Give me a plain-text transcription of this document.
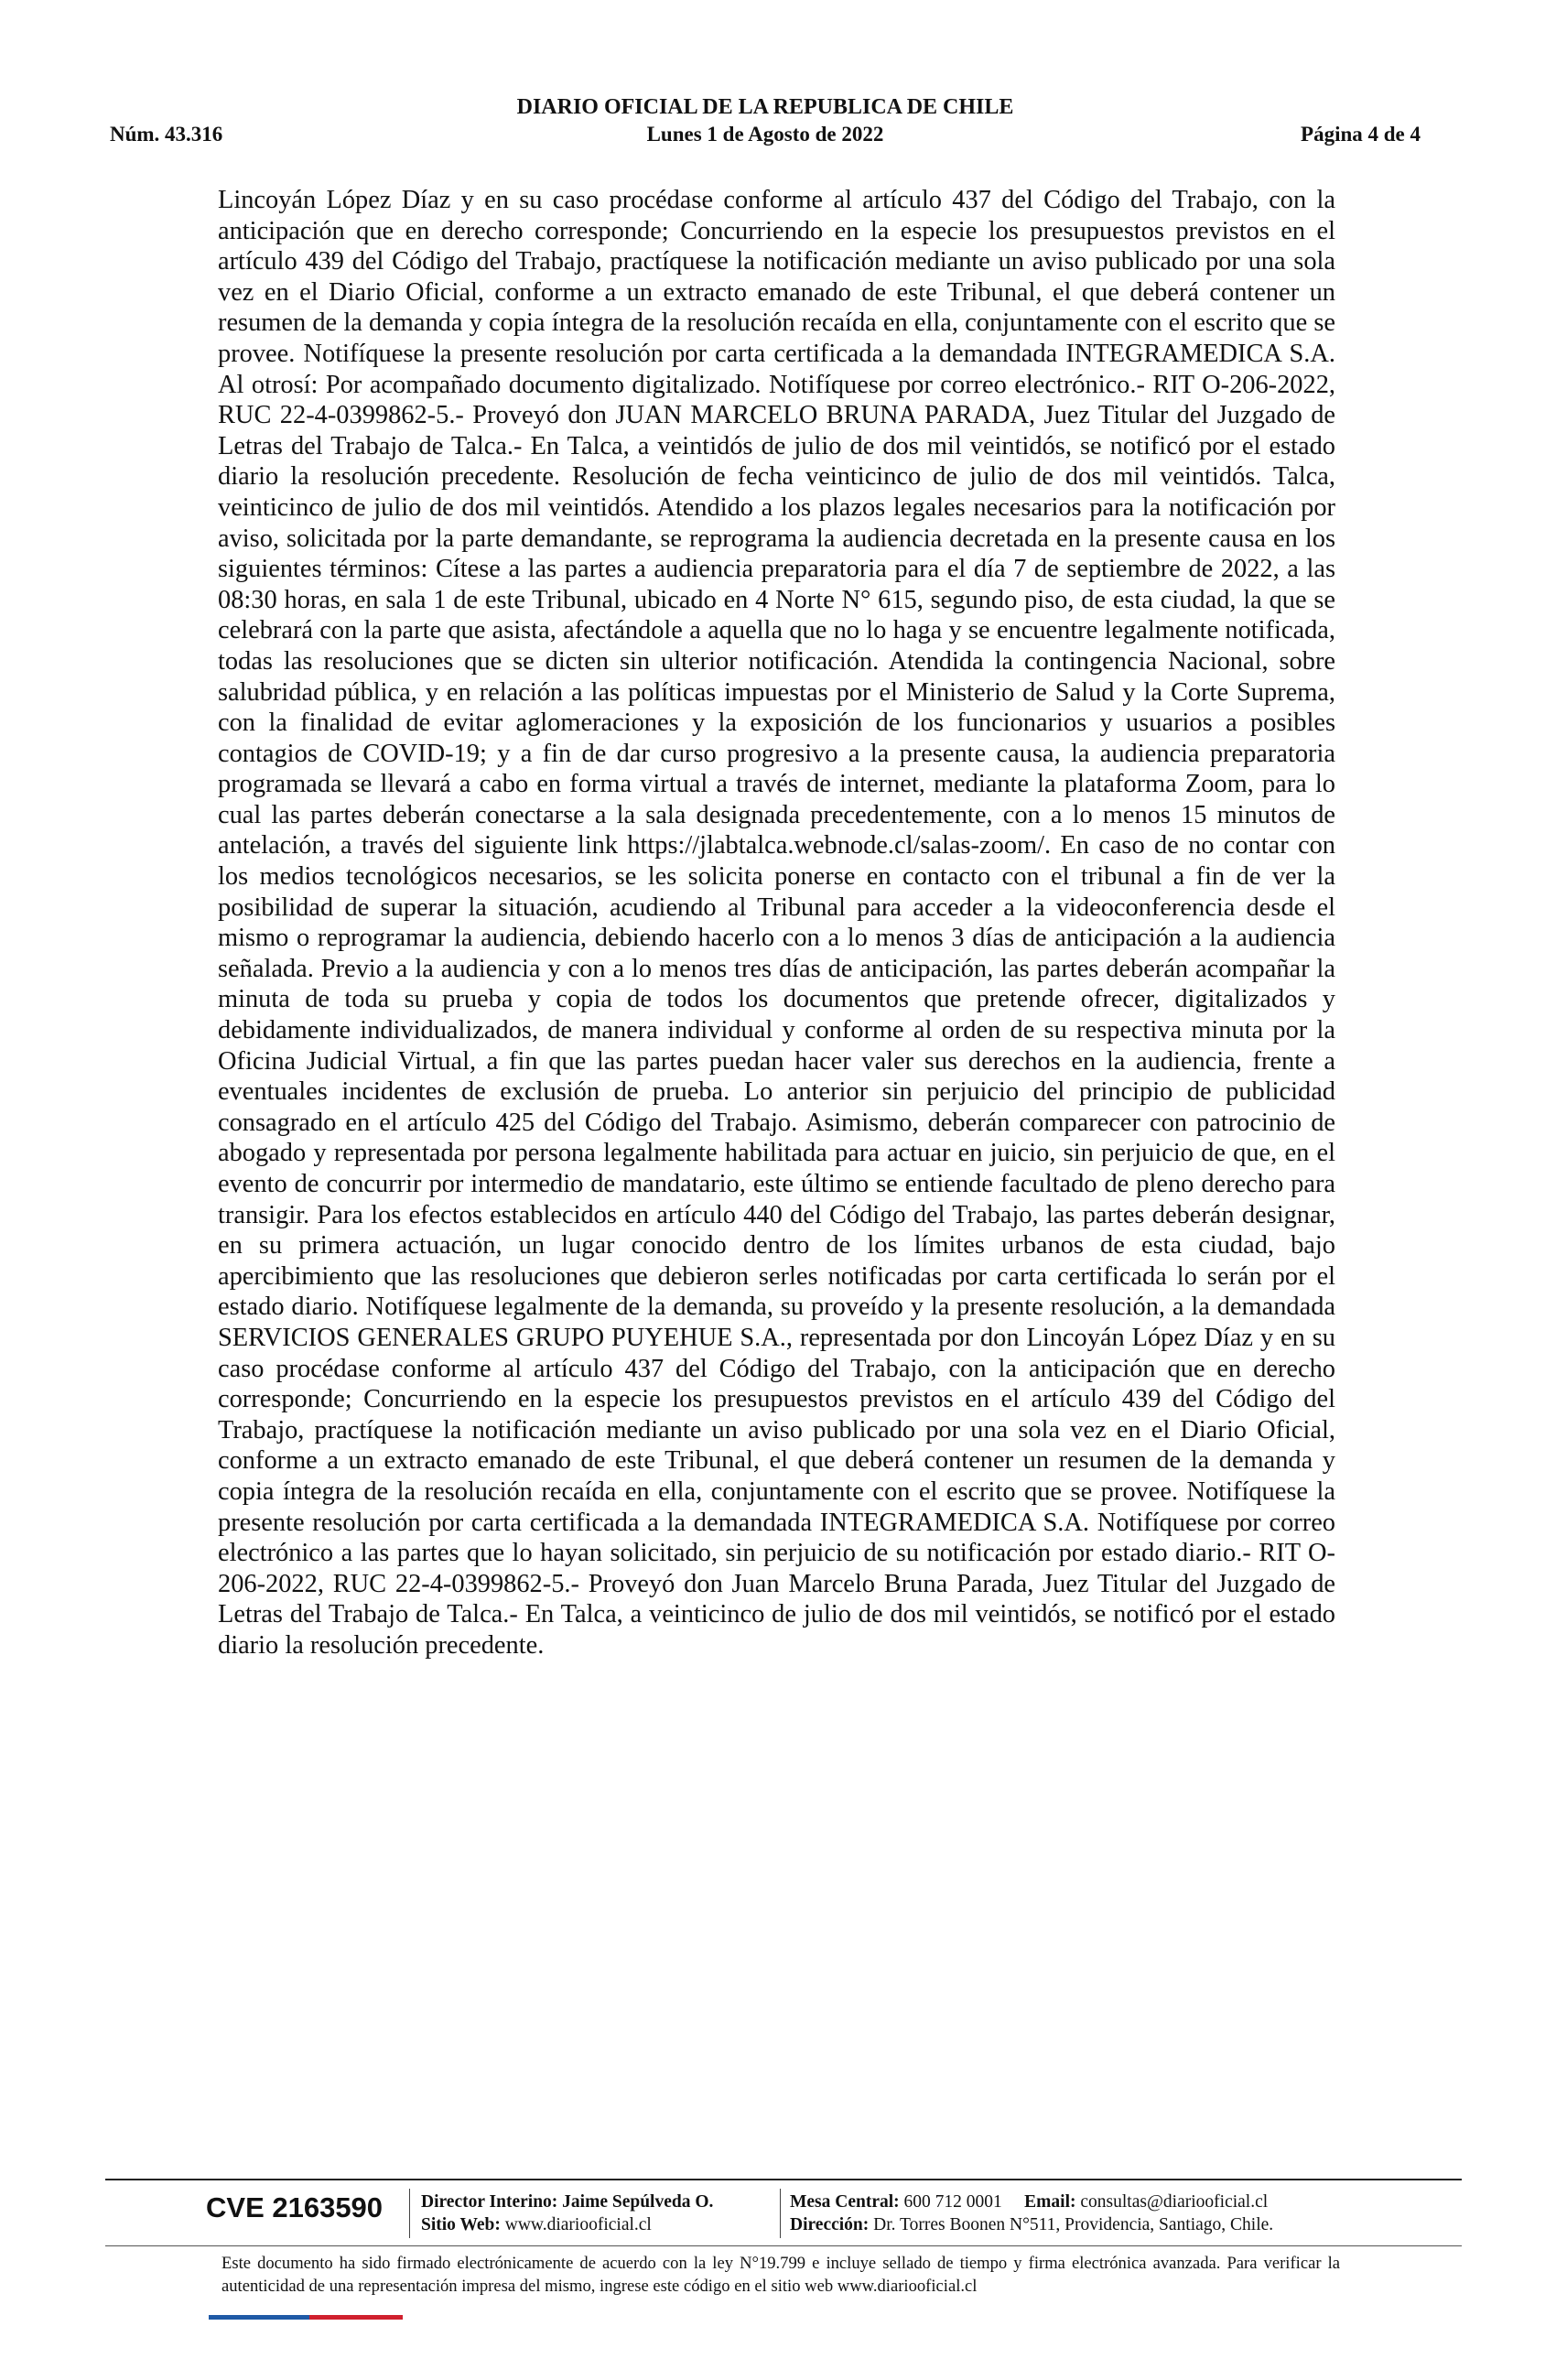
DIARIO OFICIAL DE LA REPUBLICA DE CHILE
Núm. 43.316	Lunes 1 de Agosto de 2022	Página 4 de 4

Lincoyán López Díaz y en su caso procédase conforme al artículo 437 del Código del Trabajo, con la anticipación que en derecho corresponde; Concurriendo en la especie los presupuestos previstos en el artículo 439 del Código del Trabajo, practíquese la notificación mediante un aviso publicado por una sola vez en el Diario Oficial, conforme a un extracto emanado de este Tribunal, el que deberá contener un resumen de la demanda y copia íntegra de la resolución recaída en ella, conjuntamente con el escrito que se provee. Notifíquese la presente resolución por carta certificada a la demandada INTEGRAMEDICA S.A. Al otrosí: Por acompañado documento digitalizado. Notifíquese por correo electrónico.- RIT O-206-2022, RUC 22-4-0399862-5.- Proveyó don JUAN MARCELO BRUNA PARADA, Juez Titular del Juzgado de Letras del Trabajo de Talca.- En Talca, a veintidós de julio de dos mil veintidós, se notificó por el estado diario la resolución precedente. Resolución de fecha veinticinco de julio de dos mil veintidós. Talca, veinticinco de julio de dos mil veintidós. Atendido a los plazos legales necesarios para la notificación por aviso, solicitada por la parte demandante, se reprograma la audiencia decretada en la presente causa en los siguientes términos: Cítese a las partes a audiencia preparatoria para el día 7 de septiembre de 2022, a las 08:30 horas, en sala 1 de este Tribunal, ubicado en 4 Norte N° 615, segundo piso, de esta ciudad, la que se celebrará con la parte que asista, afectándole a aquella que no lo haga y se encuentre legalmente notificada, todas las resoluciones que se dicten sin ulterior notificación. Atendida la contingencia Nacional, sobre salubridad pública, y en relación a las políticas impuestas por el Ministerio de Salud y la Corte Suprema, con la finalidad de evitar aglomeraciones y la exposición de los funcionarios y usuarios a posibles contagios de COVID-19; y a fin de dar curso progresivo a la presente causa, la audiencia preparatoria programada se llevará a cabo en forma virtual a través de internet, mediante la plataforma Zoom, para lo cual las partes deberán conectarse a la sala designada precedentemente, con a lo menos 15 minutos de antelación, a través del siguiente link https://jlabtalca.webnode.cl/salas-zoom/. En caso de no contar con los medios tecnológicos necesarios, se les solicita ponerse en contacto con el tribunal a fin de ver la posibilidad de superar la situación, acudiendo al Tribunal para acceder a la videoconferencia desde el mismo o reprogramar la audiencia, debiendo hacerlo con a lo menos 3 días de anticipación a la audiencia señalada. Previo a la audiencia y con a lo menos tres días de anticipación, las partes deberán acompañar la minuta de toda su prueba y copia de todos los documentos que pretende ofrecer, digitalizados y debidamente individualizados, de manera individual y conforme al orden de su respectiva minuta por la Oficina Judicial Virtual, a fin que las partes puedan hacer valer sus derechos en la audiencia, frente a eventuales incidentes de exclusión de prueba. Lo anterior sin perjuicio del principio de publicidad consagrado en el artículo 425 del Código del Trabajo. Asimismo, deberán comparecer con patrocinio de abogado y representada por persona legalmente habilitada para actuar en juicio, sin perjuicio de que, en el evento de concurrir por intermedio de mandatario, este último se entiende facultado de pleno derecho para transigir. Para los efectos establecidos en artículo 440 del Código del Trabajo, las partes deberán designar, en su primera actuación, un lugar conocido dentro de los límites urbanos de esta ciudad, bajo apercibimiento que las resoluciones que debieron serles notificadas por carta certificada lo serán por el estado diario. Notifíquese legalmente de la demanda, su proveído y la presente resolución, a la demandada SERVICIOS GENERALES GRUPO PUYEHUE S.A., representada por don Lincoyán López Díaz y en su caso procédase conforme al artículo 437 del Código del Trabajo, con la anticipación que en derecho corresponde; Concurriendo en la especie los presupuestos previstos en el artículo 439 del Código del Trabajo, practíquese la notificación mediante un aviso publicado por una sola vez en el Diario Oficial, conforme a un extracto emanado de este Tribunal, el que deberá contener un resumen de la demanda y copia íntegra de la resolución recaída en ella, conjuntamente con el escrito que se provee. Notifíquese la presente resolución por carta certificada a la demandada INTEGRAMEDICA S.A. Notifíquese por correo electrónico a las partes que lo hayan solicitado, sin perjuicio de su notificación por estado diario.- RIT O-206-2022, RUC 22-4-0399862-5.- Proveyó don Juan Marcelo Bruna Parada, Juez Titular del Juzgado de Letras del Trabajo de Talca.- En Talca, a veinticinco de julio de dos mil veintidós, se notificó por el estado diario la resolución precedente.

CVE 2163590 Director Interino: Jaime Sepúlveda O.
Sitio Web: www.diariooficial.cl
Mesa Central: 600 712 0001 Email: consultas@diariooficial.cl
Dirección: Dr. Torres Boonen N°511, Providencia, Santiago, Chile.

Este documento ha sido firmado electrónicamente de acuerdo con la ley N°19.799 e incluye sellado de tiempo y firma electrónica avanzada. Para verificar la autenticidad de una representación impresa del mismo, ingrese este código en el sitio web www.diariooficial.cl
